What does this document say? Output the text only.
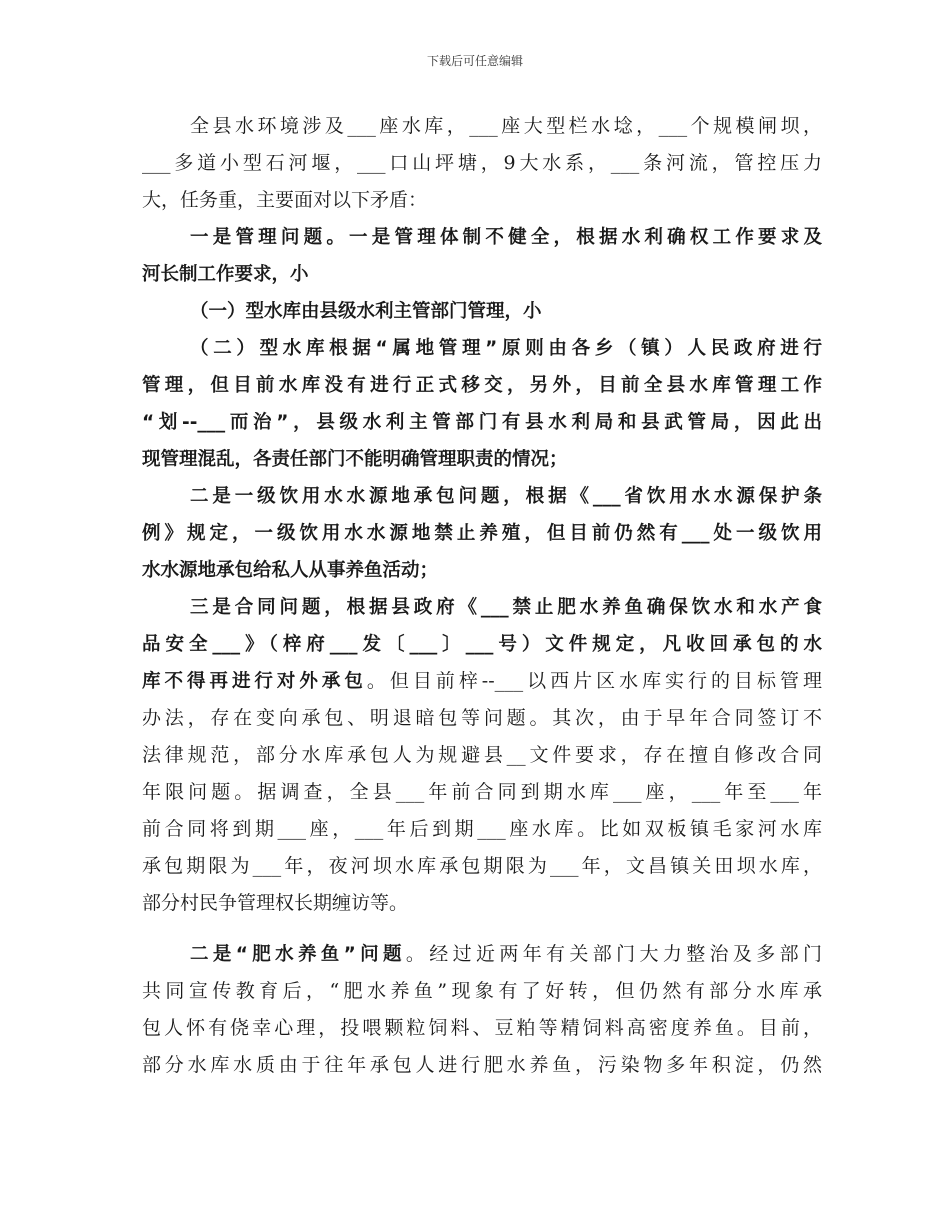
下载后可任意编辑
全县水环境涉及___座水库，___座大型栏水埝，___个规模闸坝，
___多道小型石河堰，___口山坪塘，9大水系，___条河流，管控压力
大，任务重，主要面对以下矛盾：
一是管理问题。一是管理体制不健全，根据水利确权工作要求及
河长制工作要求，小
（一）型水库由县级水利主管部门管理，小
（二）型水库根据“属地管理”原则由各乡（镇）人民政府进行
管理，但目前水库没有进行正式移交，另外，目前全县水库管理工作
“划--___而治”，县级水利主管部门有县水利局和县武管局，因此出
现管理混乱，各责任部门不能明确管理职责的情况；
二是一级饮用水水源地承包问题，根据《___省饮用水水源保护条
例》规定，一级饮用水水源地禁止养殖，但目前仍然有___处一级饮用
水水源地承包给私人从事养鱼活动；
三是合同问题，根据县政府《___禁止肥水养鱼确保饮水和水产食
品安全___》（梓府___发〔___〕___号）文件规定，凡收回承包的水
库不得再进行对外承包。但目前梓--___以西片区水库实行的目标管理
办法，存在变向承包、明退暗包等问题。其次，由于早年合同签订不
法律规范，部分水库承包人为规避县__文件要求，存在擅自修改合同
年限问题。据调查，全县___年前合同到期水库___座，___年至___年
前合同将到期___座，___年后到期___座水库。比如双板镇毛家河水库
承包期限为___年，夜河坝水库承包期限为___年，文昌镇关田坝水库，
部分村民争管理权长期缠访等。
二是“肥水养鱼”问题。经过近两年有关部门大力整治及多部门
共同宣传教育后，“肥水养鱼”现象有了好转，但仍然有部分水库承
包人怀有侥幸心理，投喂颗粒饲料、豆粕等精饲料高密度养鱼。目前，
部分水库水质由于往年承包人进行肥水养鱼，污染物多年积淀，仍然
